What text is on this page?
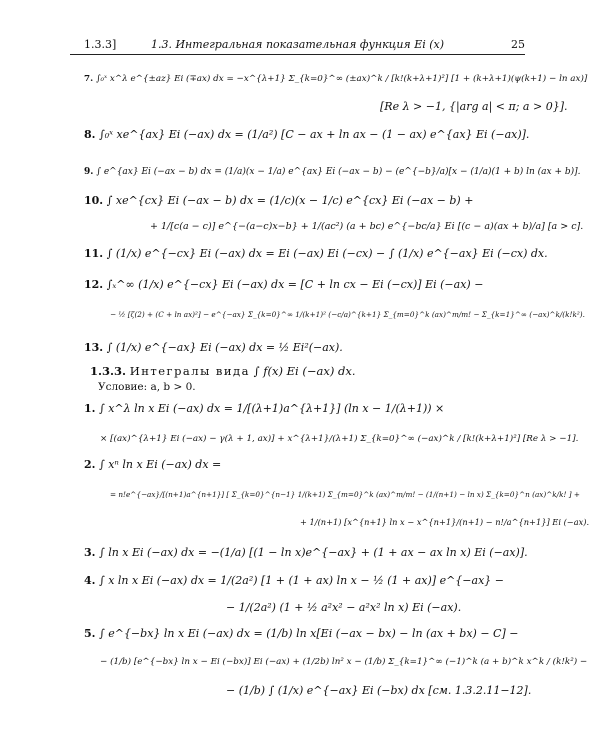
1.3.3]	1.3. Интегральная показательная функция Ei (x)	25
7. ∫₀ˣ x^λ e^{±az} Ei (∓ax) dx = −x^{λ+1} Σ_{k=0}^∞ (±ax)^k / [k!(k+λ+1)²] [1 + (k+λ+1)(ψ(k+1) − ln ax)]
[Re λ > −1, {|arg a| < π; a > 0}].
8. ∫₀ˣ xe^{ax} Ei (−ax) dx = (1/a²) [C − ax + ln ax − (1 − ax) e^{ax} Ei (−ax)].
9. ∫ e^{ax} Ei (−ax − b) dx = (1/a)(x − 1/a) e^{ax} Ei (−ax − b) − (e^{−b}/a)[x − (1/a)(1 + b) ln (ax + b)].
10. ∫ xe^{cx} Ei (−ax − b) dx = (1/c)(x − 1/c) e^{cx} Ei (−ax − b) +
+ 1/[c(a − c)] e^{−(a−c)x−b} + 1/(ac²) (a + bc) e^{−bc/a} Ei [(c − a)(ax + b)/a] [a > c].
11. ∫ (1/x) e^{−cx} Ei (−ax) dx = Ei (−ax) Ei (−cx) − ∫ (1/x) e^{−ax} Ei (−cx) dx.
12. ∫ₓ^∞ (1/x) e^{−cx} Ei (−ax) dx = [C + ln cx − Ei (−cx)] Ei (−ax) −
− ½ [ζ(2) + (C + ln ax)²] − e^{−ax} Σ_{k=0}^∞ 1/(k+1)² (−c/a)^{k+1} Σ_{m=0}^k (ax)^m/m! − Σ_{k=1}^∞ (−ax)^k/(k!k²).
13. ∫ (1/x) e^{−ax} Ei (−ax) dx = ½ Ei²(−ax).
1.3.3. Интегралы вида ∫ f(x) Ei (−ax) dx.
Условие: a, b > 0.
1. ∫ x^λ ln x Ei (−ax) dx = 1/[(λ+1)a^{λ+1}] (ln x − 1/(λ+1)) ×
× [(ax)^{λ+1} Ei (−ax) − γ(λ + 1, ax)] + x^{λ+1}/(λ+1) Σ_{k=0}^∞ (−ax)^k / [k!(k+λ+1)²] [Re λ > −1].
2. ∫ xⁿ ln x Ei (−ax) dx =
= n!e^{−ax}/[(n+1)a^{n+1}] [ Σ_{k=0}^{n−1} 1/(k+1) Σ_{m=0}^k (ax)^m/m! − (1/(n+1) − ln x) Σ_{k=0}^n (ax)^k/k! ] +
+ 1/(n+1) [x^{n+1} ln x − x^{n+1}/(n+1) − n!/a^{n+1}] Ei (−ax).
3. ∫ ln x Ei (−ax) dx = −(1/a) [(1 − ln x)e^{−ax} + (1 + ax − ax ln x) Ei (−ax)].
4. ∫ x ln x Ei (−ax) dx = 1/(2a²) [1 + (1 + ax) ln x − ½ (1 + ax)] e^{−ax} −
− 1/(2a²) (1 + ½ a²x² − a²x² ln x) Ei (−ax).
5. ∫ e^{−bx} ln x Ei (−ax) dx = (1/b) ln x[Ei (−ax − bx) − ln (ax + bx) − C] −
− (1/b) [e^{−bx} ln x − Ei (−bx)] Ei (−ax) + (1/2b) ln² x − (1/b) Σ_{k=1}^∞ (−1)^k (a + b)^k x^k / (k!k²) −
− (1/b) ∫ (1/x) e^{−ax} Ei (−bx) dx [см. 1.3.2.11−12].
